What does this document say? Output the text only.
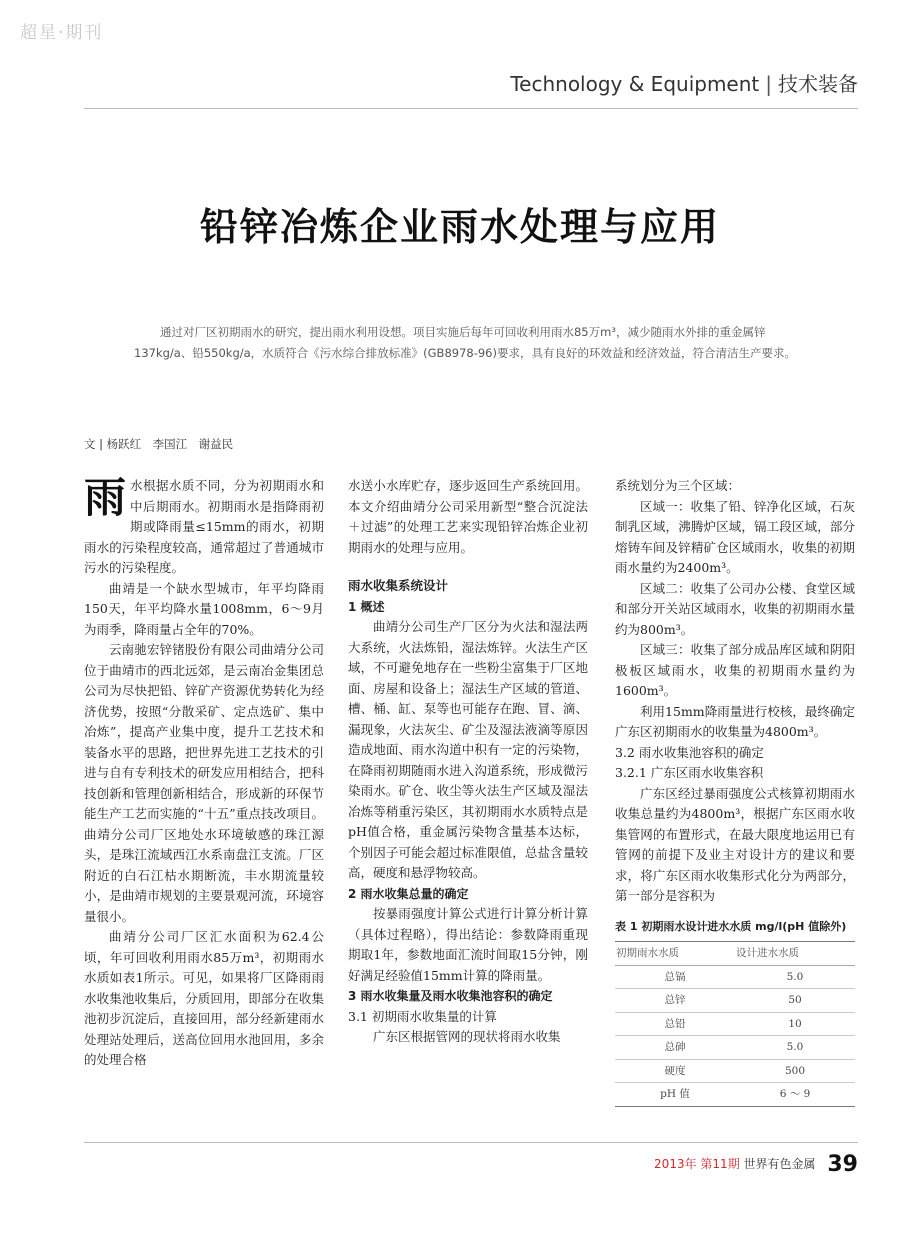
超星·期刊
Technology & Equipment | 技术装备
铅锌冶炼企业雨水处理与应用
通过对厂区初期雨水的研究，提出雨水利用设想。项目实施后每年可回收利用雨水85万m³，减少随雨水外排的重金属锌137kg/a、铅550kg/a，水质符合《污水综合排放标准》(GB8978-96)要求，具有良好的环效益和经济效益，符合清洁生产要求。
文 | 杨跃红　李国江　谢益民

雨水根据水质不同，分为初期雨水和中后期雨水。初期雨水是指降雨初期或降雨量≤15mm的雨水，初期雨水的污染程度较高，通常超过了普通城市污水的污染程度。

曲靖是一个缺水型城市，年平均降雨150天，年平均降水量1008mm，6～9月为雨季，降雨量占全年的70%。

云南驰宏锌锗股份有限公司曲靖分公司位于曲靖市的西北远郊，是云南冶金集团总公司为尽快把铅、锌矿产资源优势转化为经济优势，按照“分散采矿、定点选矿、集中冶炼”，提高产业集中度，提升工艺技术和装备水平的思路，把世界先进工艺技术的引进与自有专利技术的研发应用相结合，把科技创新和管理创新相结合，形成新的环保节能生产工艺而实施的“十五”重点技改项目。曲靖分公司厂区地处水环境敏感的珠江源头，是珠江流域西江水系南盘江支流。厂区附近的白石江枯水期断流，丰水期流量较小，是曲靖市规划的主要景观河流，环境容量很小。

曲靖分公司厂区汇水面积为62.4公顷，年可回收利用雨水85万m³，初期雨水水质如表1所示。可见，如果将厂区降雨雨水收集池收集后，分质回用，即部分在收集池初步沉淀后，直接回用，部分经新建雨水处理站处理后，送高位回用水池回用，多余的处理合格

水送小水库贮存，逐步返回生产系统回用。本文介绍曲靖分公司采用新型“整合沉淀法＋过滤”的处理工艺来实现铅锌冶炼企业初期雨水的处理与应用。

雨水收集系统设计
1 概述

曲靖分公司生产厂区分为火法和湿法两大系统，火法炼铅，湿法炼锌。火法生产区域，不可避免地存在一些粉尘富集于厂区地面、房屋和设备上；湿法生产区域的管道、槽、桶、缸、泵等也可能存在跑、冒、滴、漏现象，火法灰尘、矿尘及湿法液滴等原因造成地面、雨水沟道中积有一定的污染物，在降雨初期随雨水进入沟道系统，形成微污染雨水。矿仓、收尘等火法生产区域及湿法冶炼等稍重污染区，其初期雨水水质特点是pH值合格，重金属污染物含量基本达标，个别因子可能会超过标准限值，总盐含量较高，硬度和悬浮物较高。

2 雨水收集总量的确定

按暴雨强度计算公式进行计算分析计算（具体过程略），得出结论：参数降雨重现期取1年，参数地面汇流时间取15分钟，刚好满足经验值15mm计算的降雨量。

3 雨水收集量及雨水收集池容积的确定
3.1 初期雨水收集量的计算

广东区根据管网的现状将雨水收集

系统划分为三个区域：

区域一：收集了铅、锌净化区域，石灰制乳区域，沸腾炉区域，镉工段区域，部分熔铸车间及锌精矿仓区域雨水，收集的初期雨水量约为2400m³。

区域二：收集了公司办公楼、食堂区域和部分开关站区域雨水，收集的初期雨水量约为800m³。

区域三：收集了部分成品库区域和阴阳极板区域雨水，收集的初期雨水量约为1600m³。

利用15mm降雨量进行校核，最终确定广东区初期雨水的收集量为4800m³。

3.2 雨水收集池容积的确定
3.2.1 广东区雨水收集容积

广东区经过暴雨强度公式核算初期雨水收集总量约为4800m³，根据广东区雨水收集管网的布置形式，在最大限度地运用已有管网的前提下及业主对设计方的建议和要求，将广东区雨水收集形式化分为两部分，第一部分是容积为

表 1 初期雨水设计进水水质 mg/l(pH 值除外)
初期雨水水质	设计进水水质
总镉	5.0
总锌	50
总铅	10
总砷	5.0
硬度	500
pH 值	6 ～ 9
2013年 第11期 世界有色金属 39
